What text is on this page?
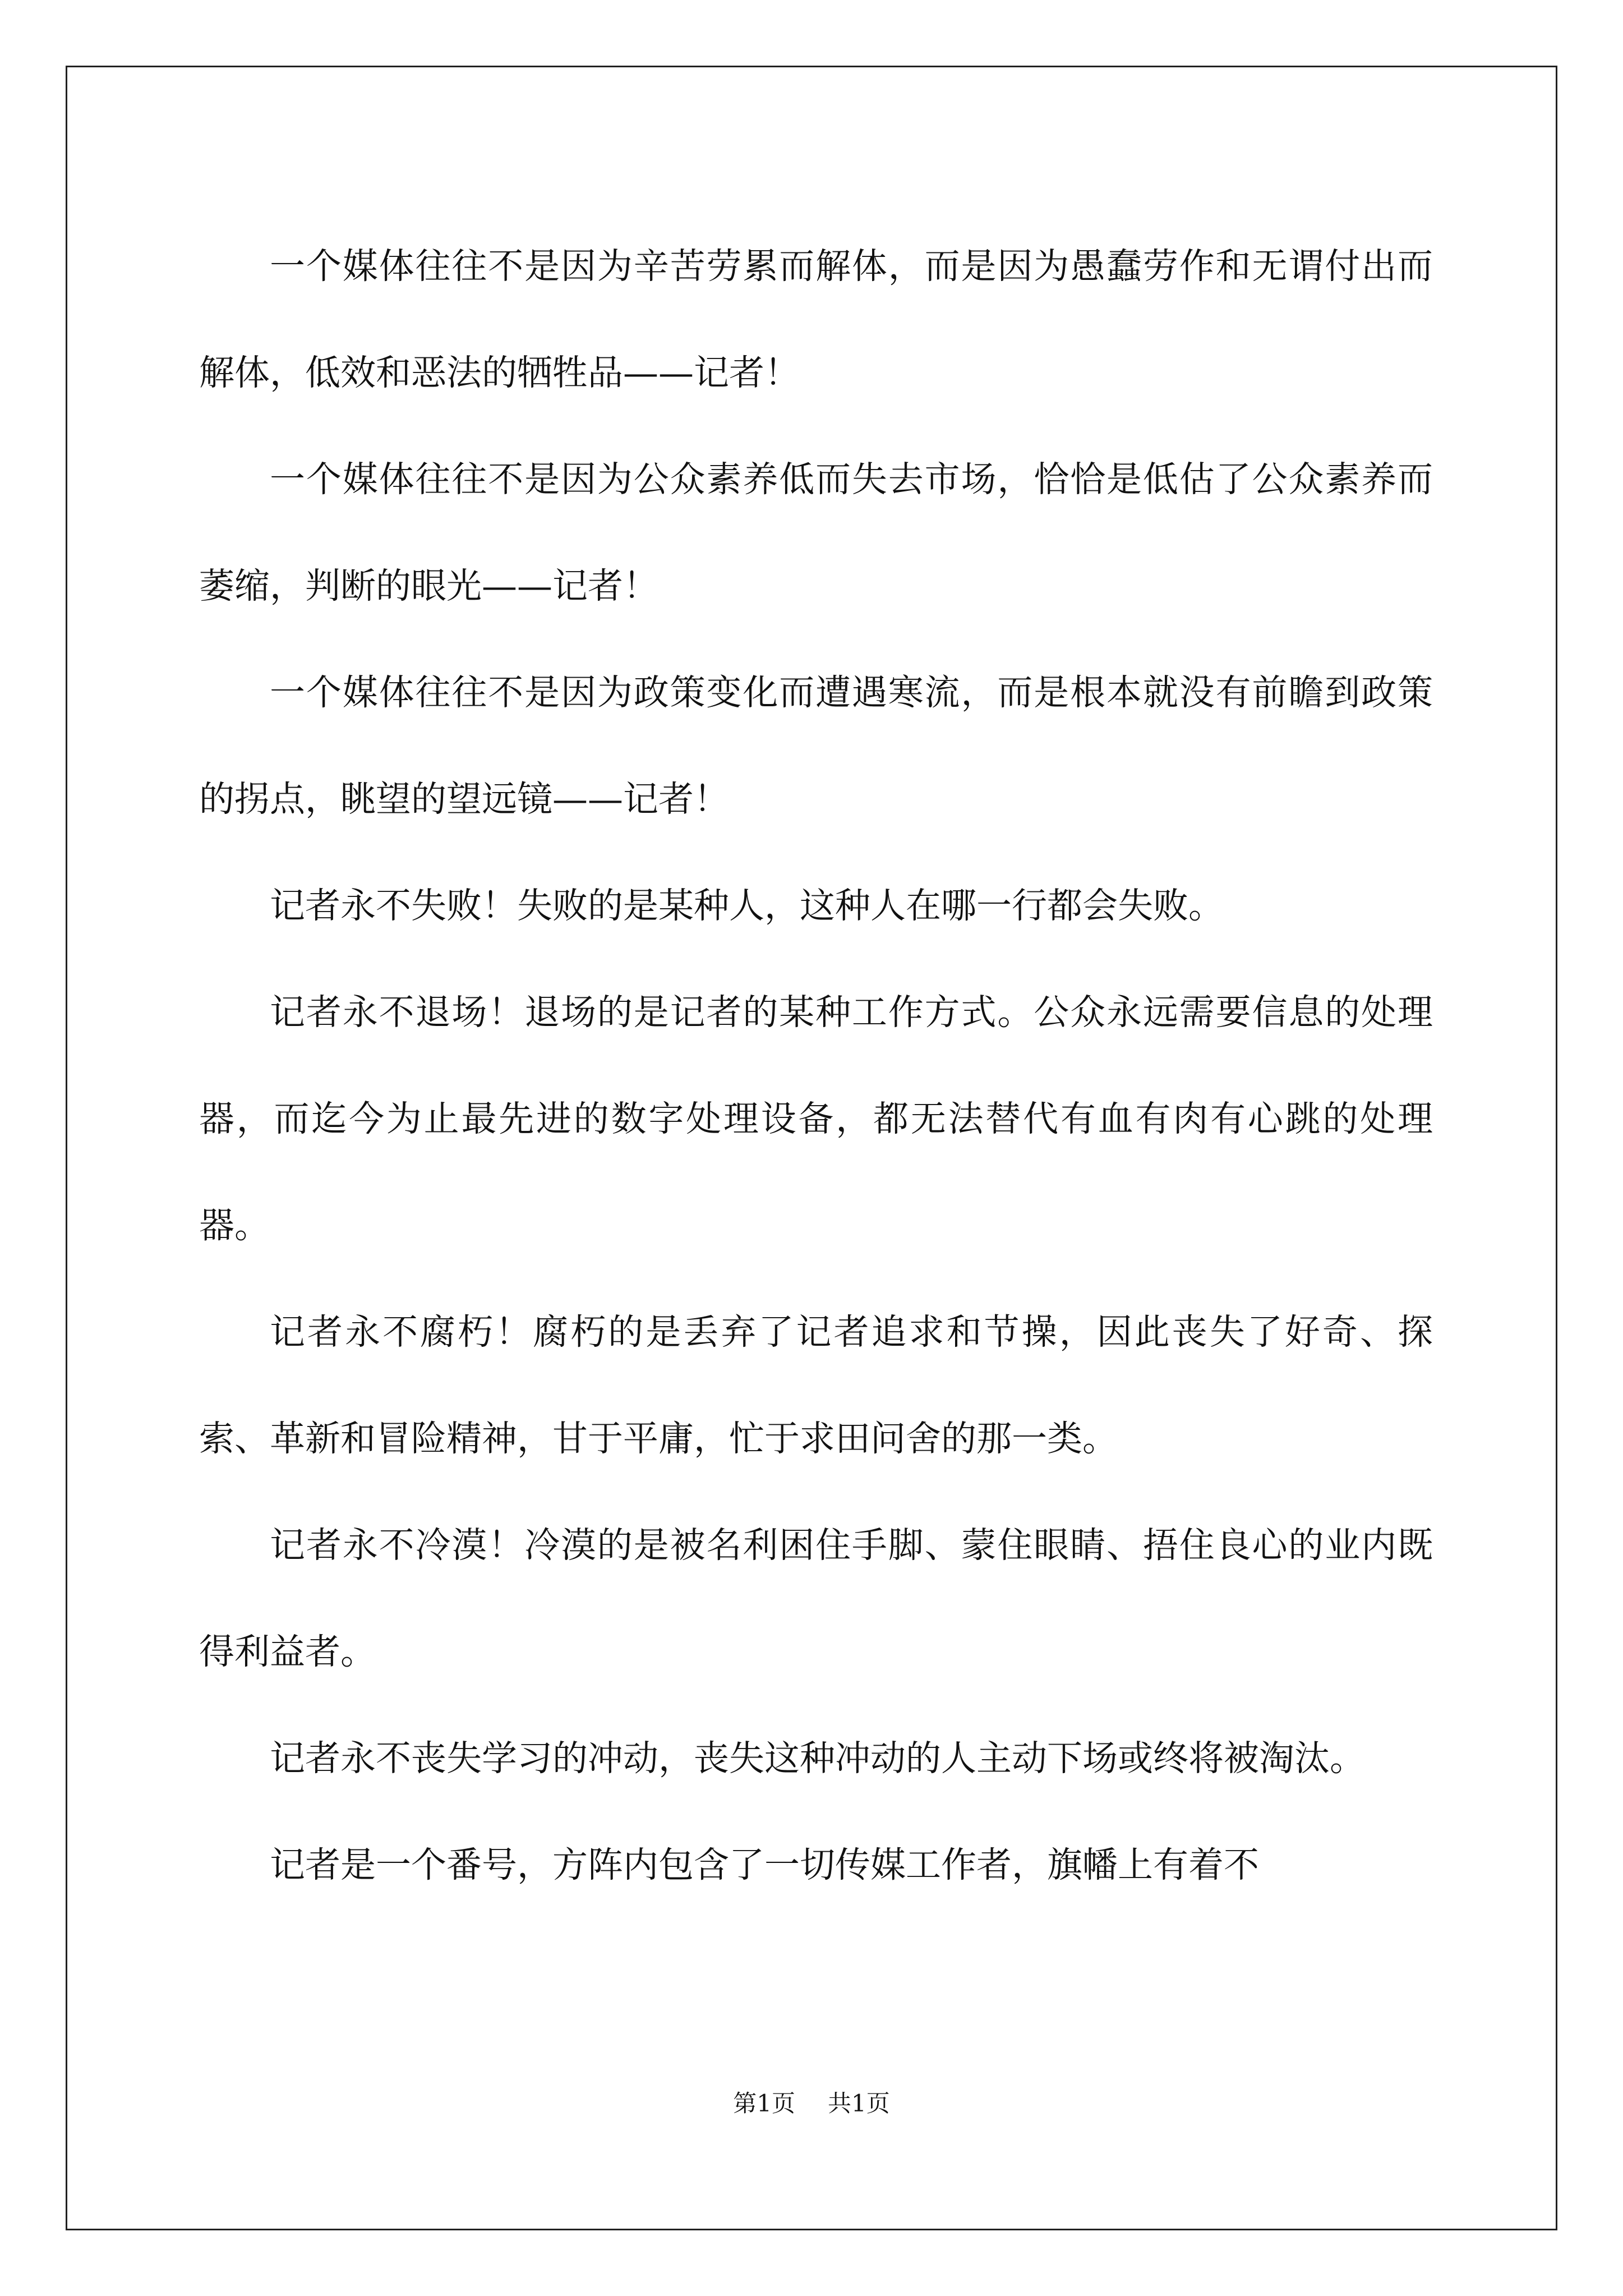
一个媒体往往不是因为辛苦劳累而解体，而是因为愚蠢劳作和无谓付出而解体，低效和恶法的牺牲品——记者！

一个媒体往往不是因为公众素养低而失去市场，恰恰是低估了公众素养而萎缩，判断的眼光——记者！

一个媒体往往不是因为政策变化而遭遇寒流，而是根本就没有前瞻到政策的拐点，眺望的望远镜——记者！

记者永不失败！失败的是某种人，这种人在哪一行都会失败。

记者永不退场！退场的是记者的某种工作方式。公众永远需要信息的处理器，而迄今为止最先进的数字处理设备，都无法替代有血有肉有心跳的处理器。

记者永不腐朽！腐朽的是丢弃了记者追求和节操，因此丧失了好奇、探索、革新和冒险精神，甘于平庸，忙于求田问舍的那一类。

记者永不冷漠！冷漠的是被名利困住手脚、蒙住眼睛、捂住良心的业内既得利益者。

记者永不丧失学习的冲动，丧失这种冲动的人主动下场或终将被淘汰。

记者是一个番号，方阵内包含了一切传媒工作者，旗幡上有着不

第1页 共1页
